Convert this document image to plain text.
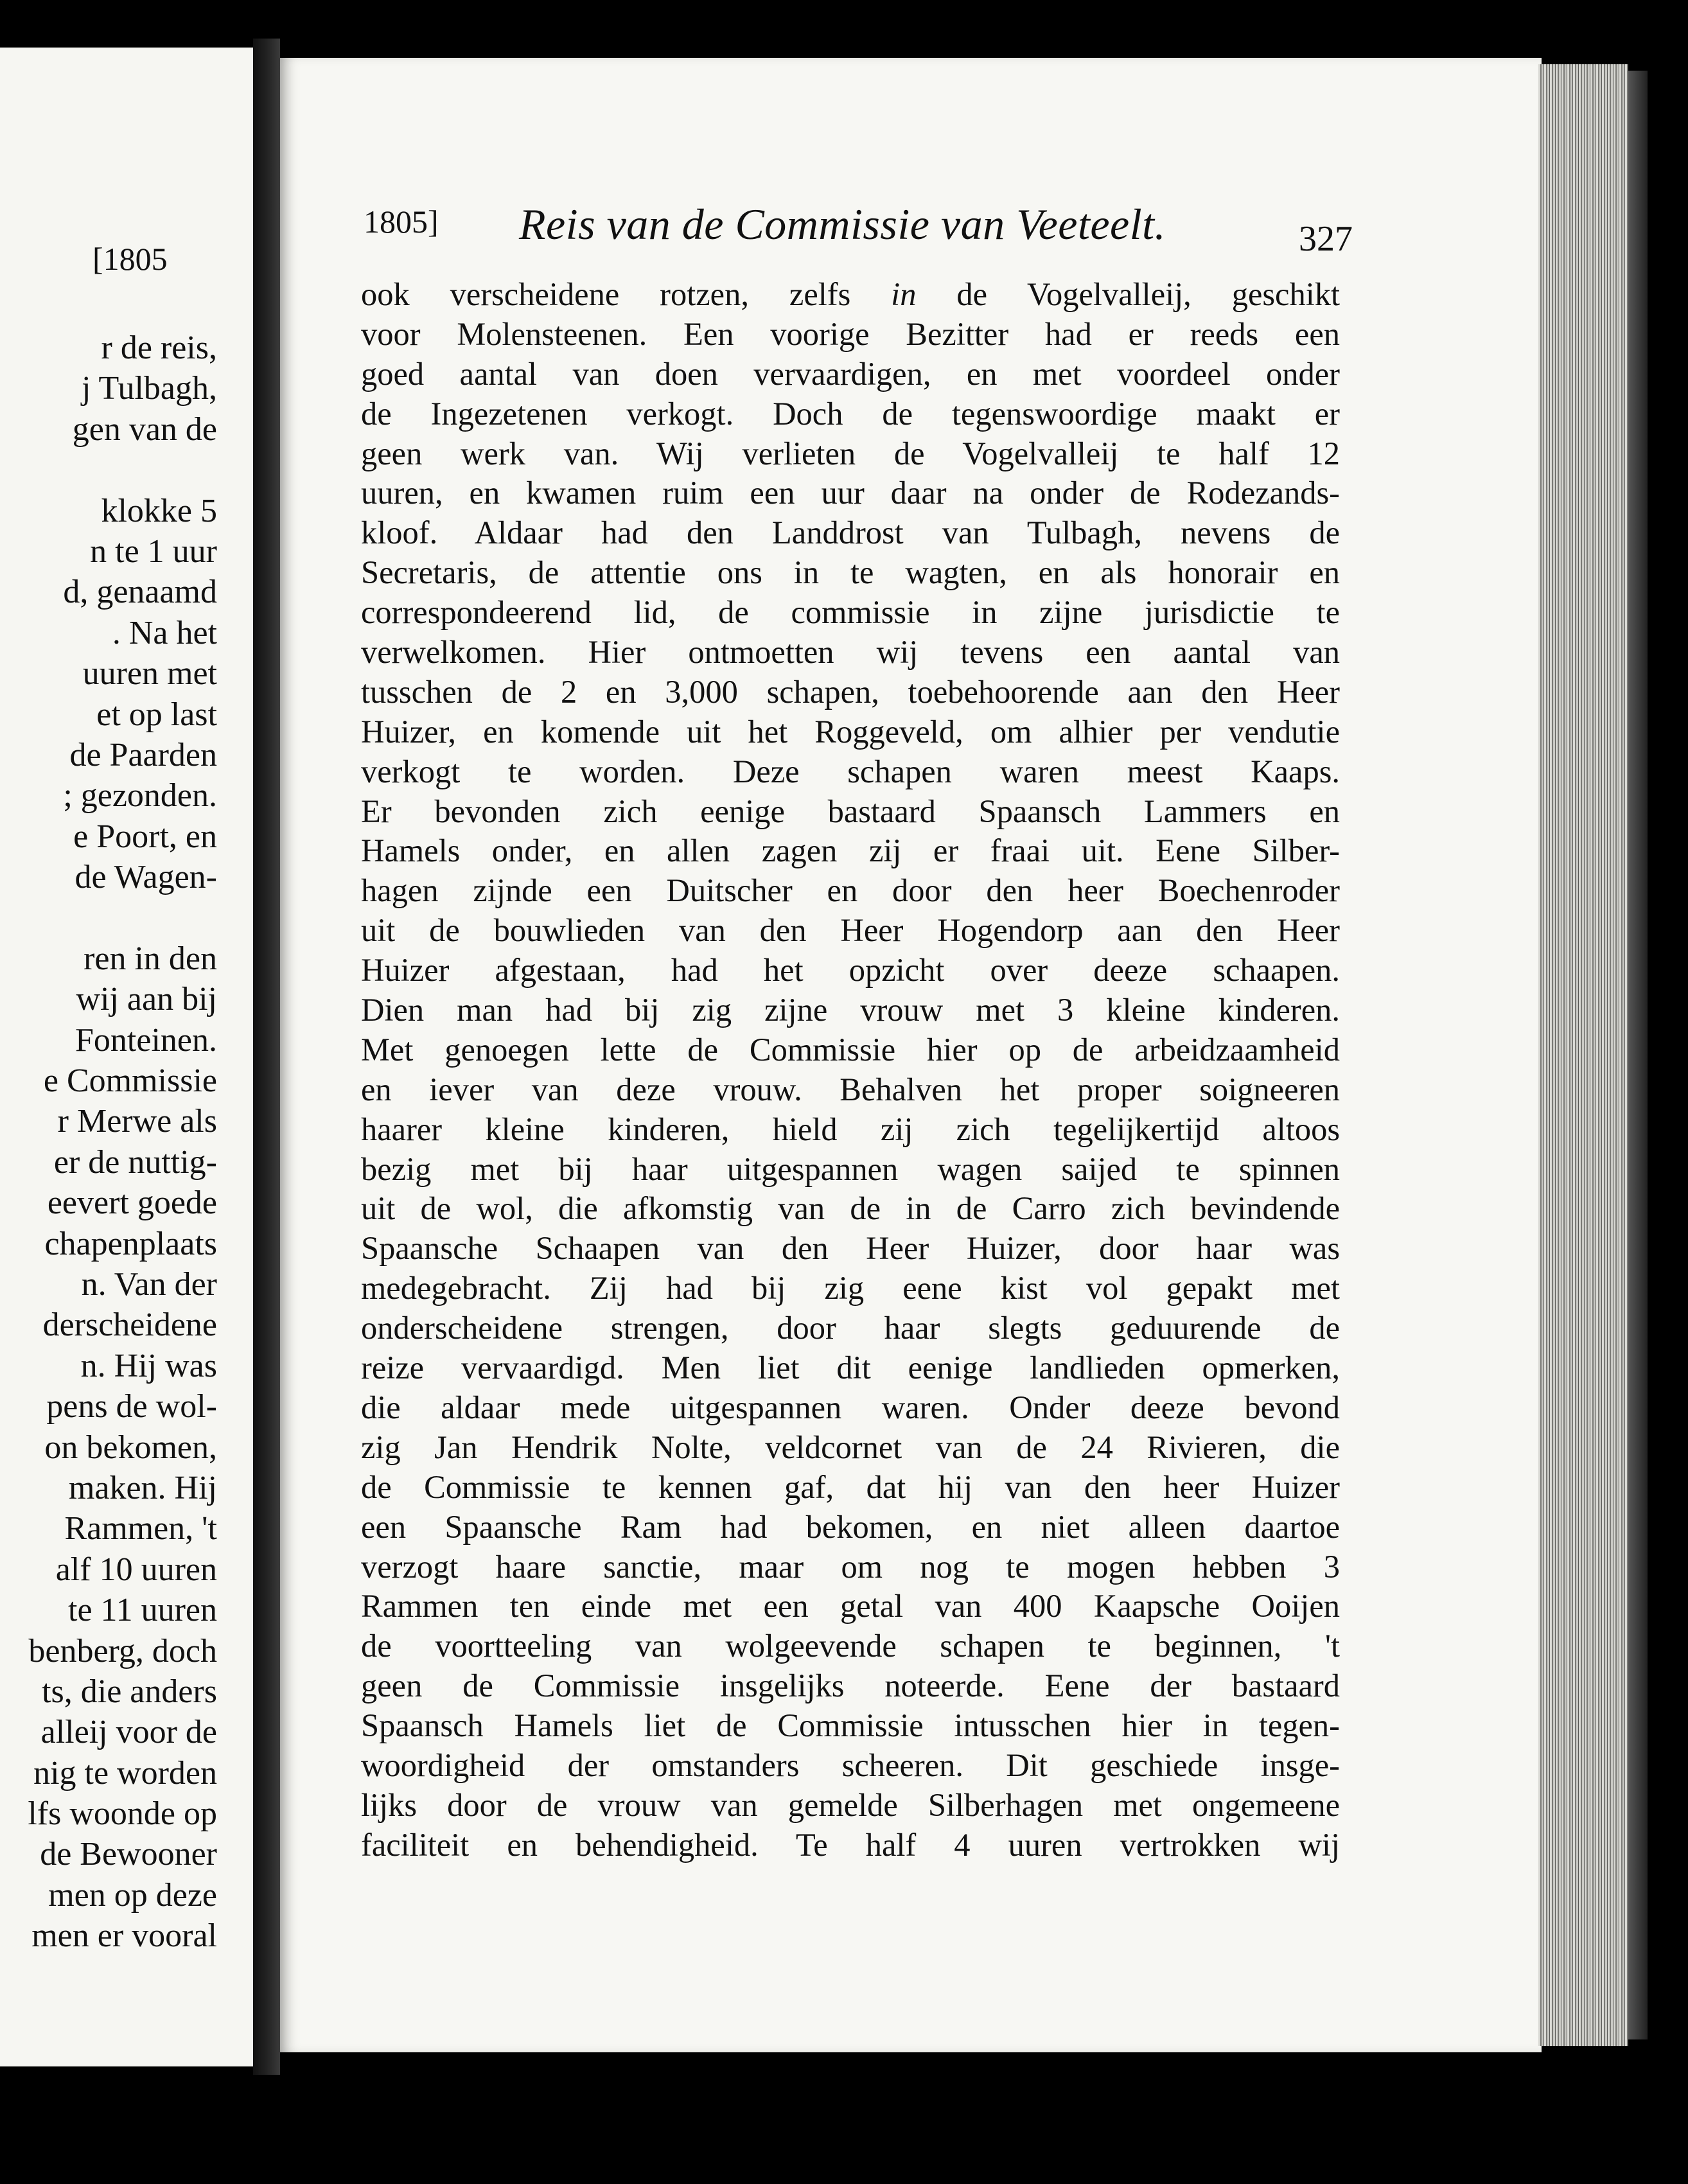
[1805
r de reis,
j Tulbagh,
gen van de
klokke 5
n te 1 uur
d, genaamd
. Na het
uuren met
et op last
de Paarden
; gezonden.
e Poort, en
de Wagen-
ren in den
wij aan bij
Fonteinen.
e Commissie
r Merwe als
er de nuttig-
eevert goede
chapenplaats
n. Van der
derscheidene
n. Hij was
pens de wol-
on bekomen,
maken. Hij
Rammen, 't
alf 10 uuren
te 11 uuren
benberg, doch
ts, die anders
alleij voor de
nig te worden
lfs woonde op
de Bewooner
men op deze
men er vooral
1805] Reis van de Commissie van Veeteelt.	327
ook verscheidene rotzen, zelfs in de Vogelvalleij, geschikt
voor Molensteenen. Een voorige Bezitter had er reeds een
goed aantal van doen vervaardigen, en met voordeel onder
de Ingezetenen verkogt. Doch de tegenswoordige maakt er
geen werk van. Wij verlieten de Vogelvalleij te half 12
uuren, en kwamen ruim een uur daar na onder de Rodezands-
kloof. Aldaar had den Landdrost van Tulbagh, nevens de
Secretaris, de attentie ons in te wagten, en als honorair en
correspondeerend lid, de commissie in zijne jurisdictie te
verwelkomen. Hier ontmoetten wij tevens een aantal van
tusschen de 2 en 3,000 schapen, toebehoorende aan den Heer
Huizer, en komende uit het Roggeveld, om alhier per vendutie
verkogt te worden. Deze schapen waren meest Kaaps.
Er bevonden zich eenige bastaard Spaansch Lammers en
Hamels onder, en allen zagen zij er fraai uit. Eene Silber-
hagen zijnde een Duitscher en door den heer Boechenroder
uit de bouwlieden van den Heer Hogendorp aan den Heer
Huizer afgestaan, had het opzicht over deeze schaapen.
Dien man had bij zig zijne vrouw met 3 kleine kinderen.
Met genoegen lette de Commissie hier op de arbeidzaamheid
en iever van deze vrouw. Behalven het proper soigneeren
haarer kleine kinderen, hield zij zich tegelijkertijd altoos
bezig met bij haar uitgespannen wagen saijed te spinnen
uit de wol, die afkomstig van de in de Carro zich bevindende
Spaansche Schaapen van den Heer Huizer, door haar was
medegebracht. Zij had bij zig eene kist vol gepakt met
onderscheidene strengen, door haar slegts geduurende de
reize vervaardigd. Men liet dit eenige landlieden opmerken,
die aldaar mede uitgespannen waren. Onder deeze bevond
zig Jan Hendrik Nolte, veldcornet van de 24 Rivieren, die
de Commissie te kennen gaf, dat hij van den heer Huizer
een Spaansche Ram had bekomen, en niet alleen daartoe
verzogt haare sanctie, maar om nog te mogen hebben 3
Rammen ten einde met een getal van 400 Kaapsche Ooijen
de voortteeling van wolgeevende schapen te beginnen, 't
geen de Commissie insgelijks noteerde. Eene der bastaard
Spaansch Hamels liet de Commissie intusschen hier in tegen-
woordigheid der omstanders scheeren. Dit geschiede insge-
lijks door de vrouw van gemelde Silberhagen met ongemeene
faciliteit en behendigheid. Te half 4 uuren vertrokken wij
